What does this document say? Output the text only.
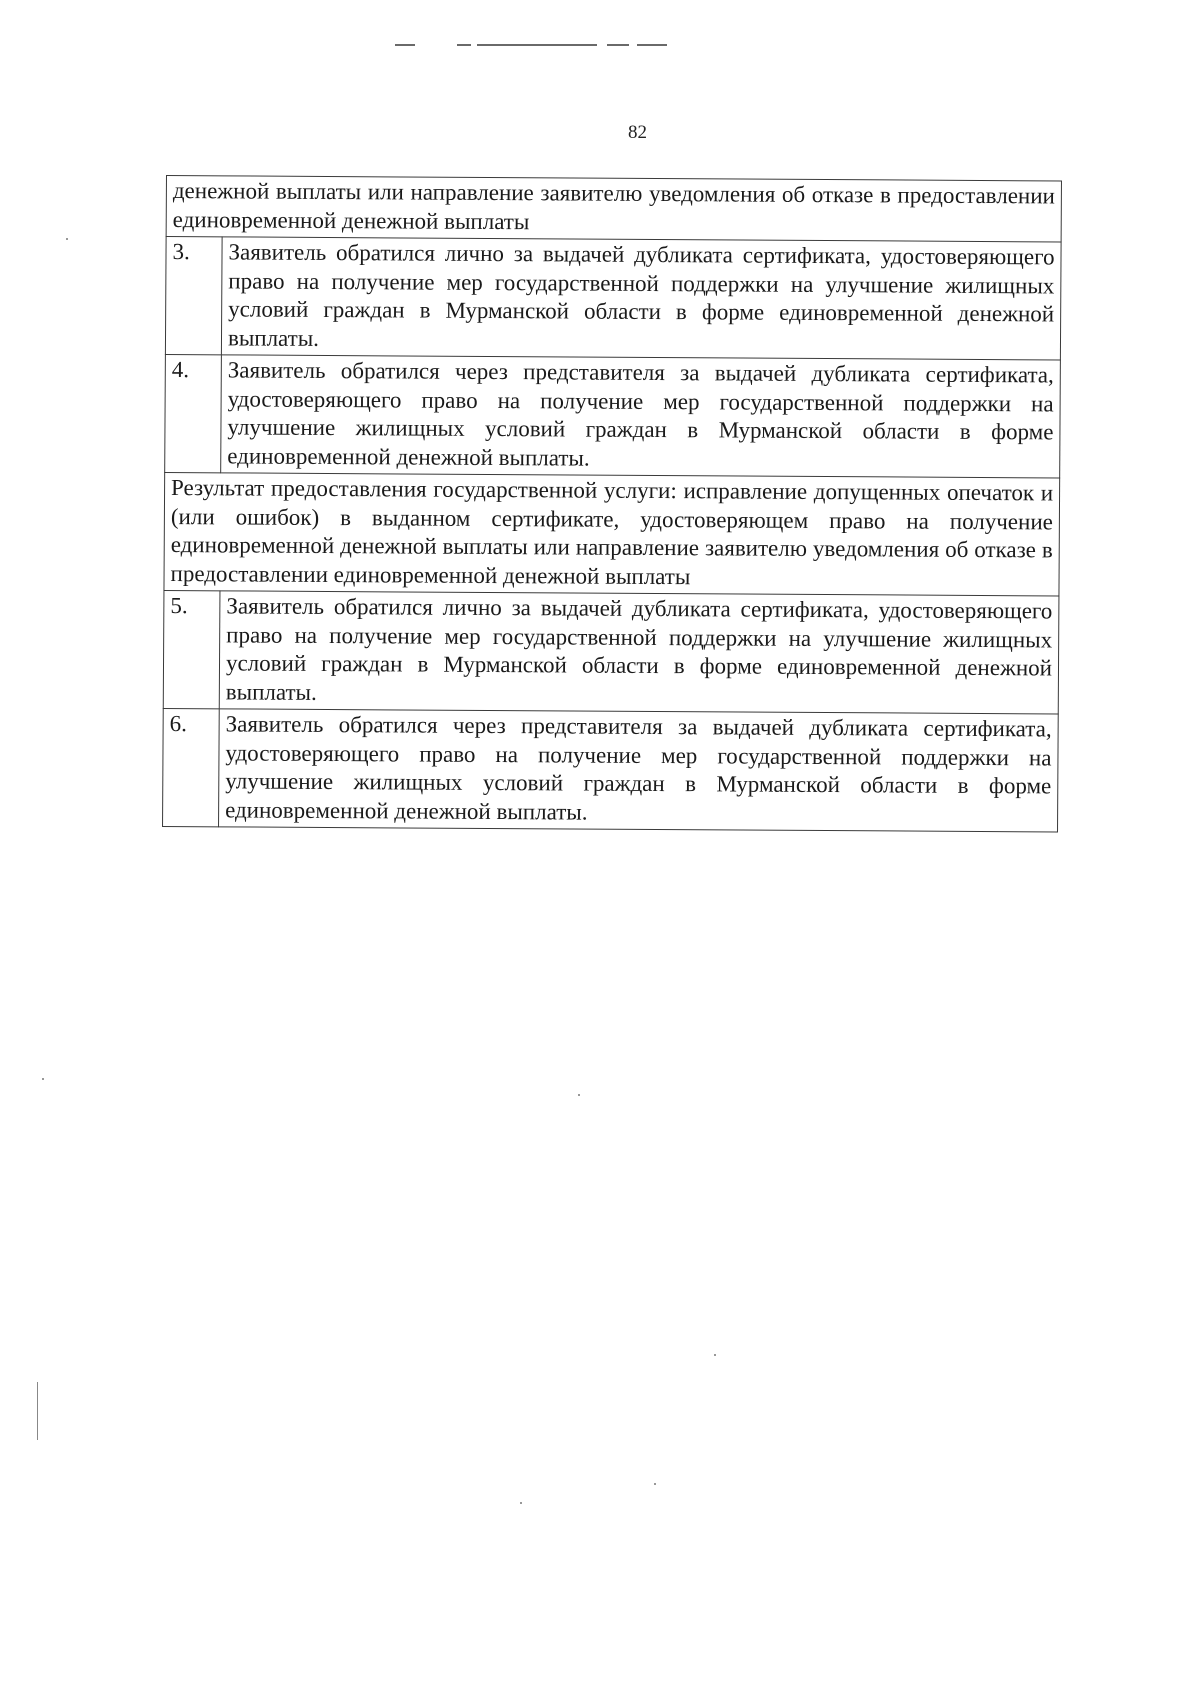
82
денежной выплаты или направление заявителю уведомления об отказе в предоставлении единовременной денежной выплаты	
3.	Заявитель обратился лично за выдачей дубликата сертификата, удостоверяющего право на получение мер государственной поддержки на улучшение жилищных условий граждан в Мурманской области в форме единовременной денежной выплаты.
4.	Заявитель обратился через представителя за выдачей дубликата сертификата, удостоверяющего право на получение мер государственной поддержки на улучшение жилищных условий граждан в Мурманской области в форме единовременной денежной выплаты.
Результат предоставления государственной услуги: исправление допущенных опечаток и (или ошибок) в выданном сертификате, удостоверяющем право на получение единовременной денежной выплаты или направление заявителю уведомления об отказе в предоставлении единовременной денежной выплаты	
5.	Заявитель обратился лично за выдачей дубликата сертификата, удостоверяющего право на получение мер государственной поддержки на улучшение жилищных условий граждан в Мурманской области в форме единовременной денежной выплаты.
6.	Заявитель обратился через представителя за выдачей дубликата сертификата, удостоверяющего право на получение мер государственной поддержки на улучшение жилищных условий граждан в Мурманской области в форме единовременной денежной выплаты.
